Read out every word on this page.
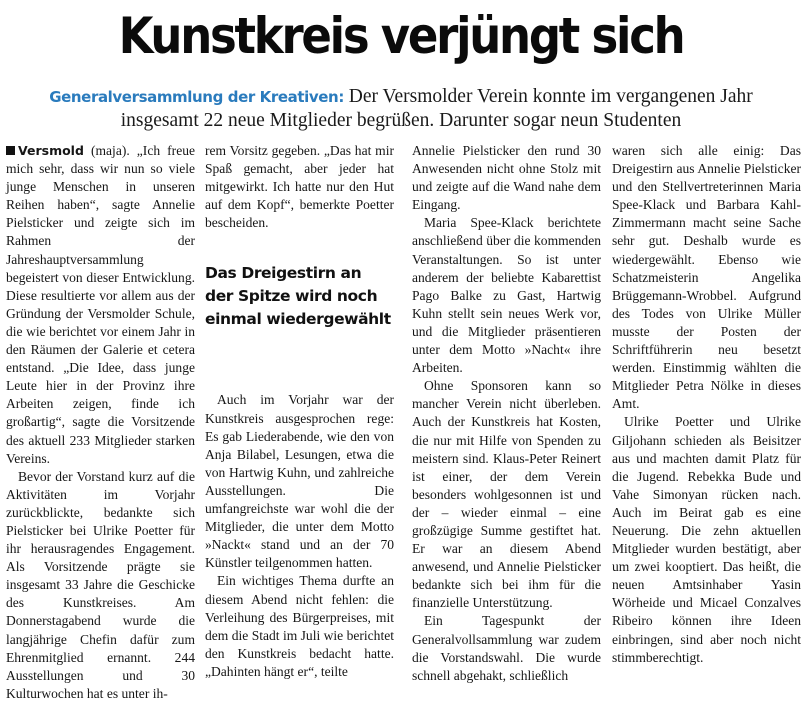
Kunstkreis verjüngt sich

Generalversammlung der Kreativen: Der Versmolder Verein konnte im vergangenen Jahr insgesamt 22 neue Mitglieder begrüßen. Darunter sogar neun Studenten

Versmold (maja). „Ich freue mich sehr, dass wir nun so viele junge Menschen in unseren Reihen haben“, sagte Annelie Pielsticker und zeigte sich im Rahmen der Jahreshauptversammlung begeistert von dieser Entwicklung. Diese resultierte vor allem aus der Gründung der Versmolder Schule, die wie berichtet vor einem Jahr in den Räumen der Galerie et cetera entstand. „Die Idee, dass junge Leute hier in der Provinz ihre Arbeiten zeigen, finde ich großartig“, sagte die Vorsitzende des aktuell 233 Mitglieder starken Vereins.

Bevor der Vorstand kurz auf die Aktivitäten im Vorjahr zurückblickte, bedankte sich Pielsticker bei Ulrike Poetter für ihr herausragendes Engagement. Als Vorsitzende prägte sie insgesamt 33 Jahre die Geschicke des Kunstkreises. Am Donnerstagabend wurde die langjährige Chefin dafür zum Ehrenmitglied ernannt. 244 Ausstellungen und 30 Kulturwochen hat es unter ih-

rem Vorsitz gegeben. „Das hat mir Spaß gemacht, aber jeder hat mitgewirkt. Ich hatte nur den Hut auf dem Kopf“, bemerkte Poetter bescheiden.

Das Dreigestirn an der Spitze wird noch einmal wiedergewählt

Auch im Vorjahr war der Kunstkreis ausgesprochen rege: Es gab Liederabende, wie den von Anja Bilabel, Lesungen, etwa die von Hartwig Kuhn, und zahlreiche Ausstellungen. Die umfangreichste war wohl die der Mitglieder, die unter dem Motto »Nackt« stand und an der 70 Künstler teilgenommen hatten.

Ein wichtiges Thema durfte an diesem Abend nicht fehlen: die Verleihung des Bürgerpreises, mit dem die Stadt im Juli wie berichtet den Kunstkreis bedacht hatte. „Dahinten hängt er“, teilte

Annelie Pielsticker den rund 30 Anwesenden nicht ohne Stolz mit und zeigte auf die Wand nahe dem Eingang.

Maria Spee-Klack berichtete anschließend über die kommenden Veranstaltungen. So ist unter anderem der beliebte Kabarettist Pago Balke zu Gast, Hartwig Kuhn stellt sein neues Werk vor, und die Mitglieder präsentieren unter dem Motto »Nacht« ihre Arbeiten.

Ohne Sponsoren kann so mancher Verein nicht überleben. Auch der Kunstkreis hat Kosten, die nur mit Hilfe von Spenden zu meistern sind. Klaus-Peter Reinert ist einer, der dem Verein besonders wohlgesonnen ist und der – wieder einmal – eine großzügige Summe gestiftet hat. Er war an diesem Abend anwesend, und Annelie Pielsticker bedankte sich bei ihm für die finanzielle Unterstützung.

Ein Tagespunkt der Generalvollsammlung war zudem die Vorstandswahl. Die wurde schnell abgehakt, schließlich

waren sich alle einig: Das Dreigestirn aus Annelie Pielsticker und den Stellvertreterinnen Maria Spee-Klack und Barbara Kahl-Zimmermann macht seine Sache sehr gut. Deshalb wurde es wiedergewählt. Ebenso wie Schatzmeisterin Angelika Brüggemann-Wrobbel. Aufgrund des Todes von Ulrike Müller musste der Posten der Schriftführerin neu besetzt werden. Einstimmig wählten die Mitglieder Petra Nölke in dieses Amt.

Ulrike Poetter und Ulrike Giljohann schieden als Beisitzer aus und machten damit Platz für die Jugend. Rebekka Bude und Vahe Simonyan rücken nach. Auch im Beirat gab es eine Neuerung. Die zehn aktuellen Mitglieder wurden bestätigt, aber um zwei kooptiert. Das heißt, die neuen Amtsinhaber Yasin Wörheide und Micael Conzalves Ribeiro können ihre Ideen einbringen, sind aber noch nicht stimmberechtigt.
